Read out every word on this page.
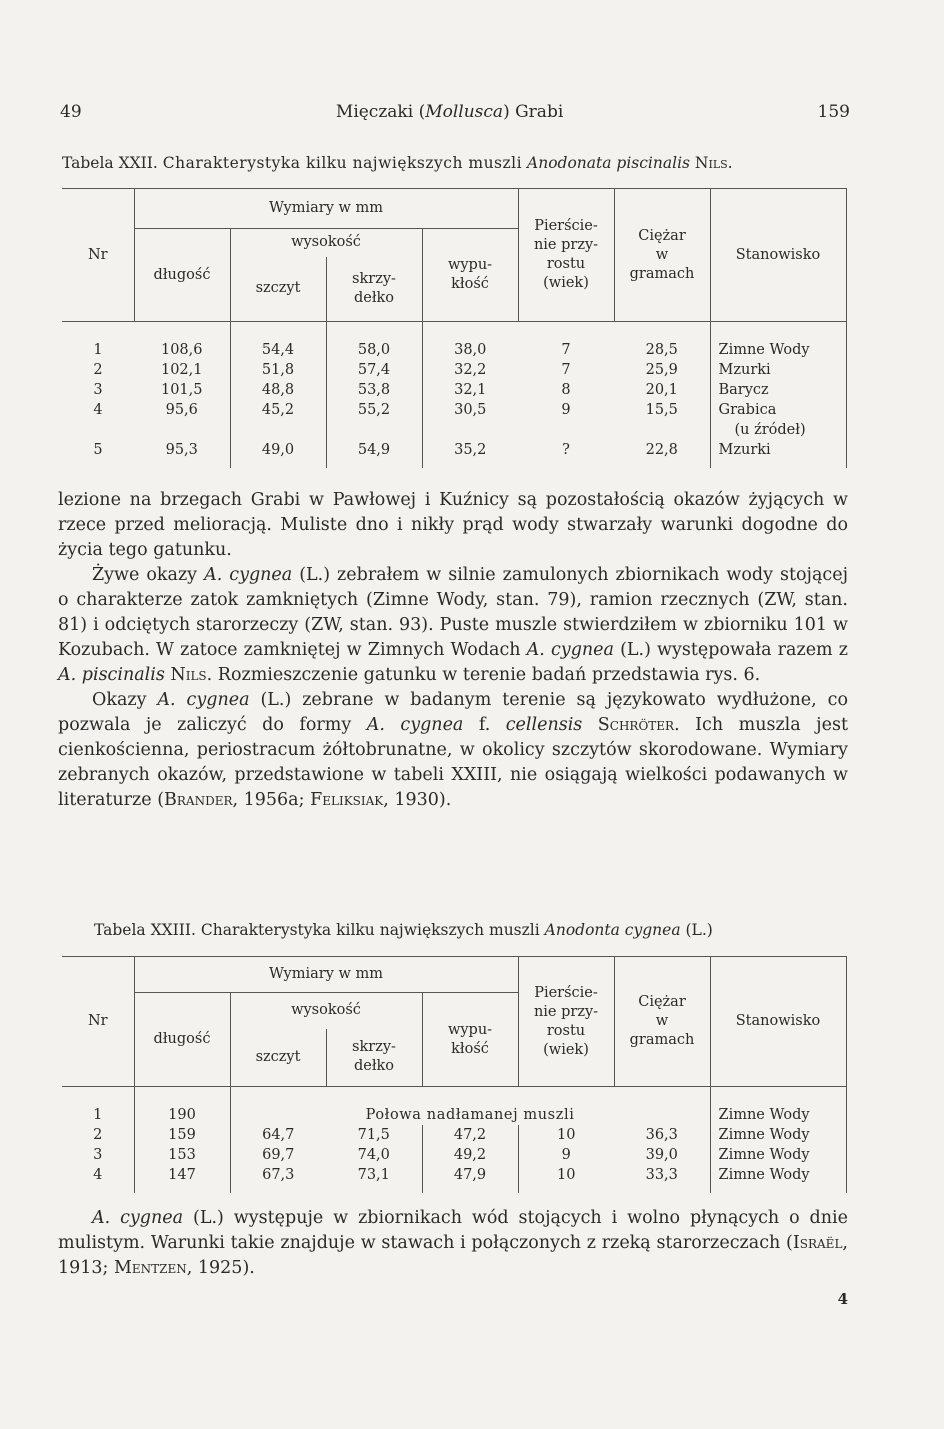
49	Mięczaki (Mollusca) Grabi	159
Tabela XXII. Charakterystyka kilku największych muszli Anodonata piscinalis Nils.
Nr	Wymiary w mm				Pierście-
nie przy-
rostu
(wiek)	Ciężar
w
gramach	Stanowisko
	długość	wysokość		wypu-
kłość			
		szczyt	skrzy-
dełko				
1	108,6	54,4	58,0	38,0	7	28,5	Zimne Wody
2	102,1	51,8	57,4	32,2	7	25,9	Mzurki
3	101,5	48,8	53,8	32,1	8	20,1	Barycz
4	95,6	45,2	55,2	30,5	9	15,5	Grabica
							(u źródeł)
5	95,3	49,0	54,9	35,2	?	22,8	Mzurki

lezione na brzegach Grabi w Pawłowej i Kuźnicy są pozostałością okazów żyjących w rzece przed melioracją. Muliste dno i nikły prąd wody stwarzały warunki dogodne do życia tego gatunku.

Żywe okazy A. cygnea (L.) zebrałem w silnie zamulonych zbiornikach wody stojącej o charakterze zatok zamkniętych (Zimne Wody, stan. 79), ramion rzecznych (ZW, stan. 81) i odciętych starorzeczy (ZW, stan. 93). Puste muszle stwierdziłem w zbiorniku 101 w Kozubach. W zatoce zamkniętej w Zimnych Wodach A. cygnea (L.) występowała razem z A. piscinalis Nils. Rozmieszczenie gatunku w terenie badań przedstawia rys. 6.

Okazy A. cygnea (L.) zebrane w badanym terenie są językowato wydłużone, co pozwala je zaliczyć do formy A. cygnea f. cellensis Schröter. Ich muszla jest cienkościenna, periostracum żółtobrunatne, w okolicy szczytów skorodowane. Wymiary zebranych okazów, przedstawione w tabeli XXIII, nie osiągają wielkości podawanych w literaturze (Brander, 1956a; Feliksiak, 1930).

Tabela XXIII. Charakterystyka kilku największych muszli Anodonta cygnea (L.)
Nr	Wymiary w mm				Pierście-
nie przy-
rostu
(wiek)	Ciężar
w
gramach	Stanowisko
	długość	wysokość		wypu-
kłość			
		szczyt	skrzy-
dełko				
1	190	Połowa nadłamanej muszli					Zimne Wody
2	159	64,7	71,5	47,2	10	36,3	Zimne Wody
3	153	69,7	74,0	49,2	9	39,0	Zimne Wody
4	147	67,3	73,1	47,9	10	33,3	Zimne Wody

A. cygnea (L.) występuje w zbiornikach wód stojących i wolno płynących o dnie mulistym. Warunki takie znajduje w stawach i połączonych z rzeką starorzeczach (Israël, 1913; Mentzen, 1925).

4
